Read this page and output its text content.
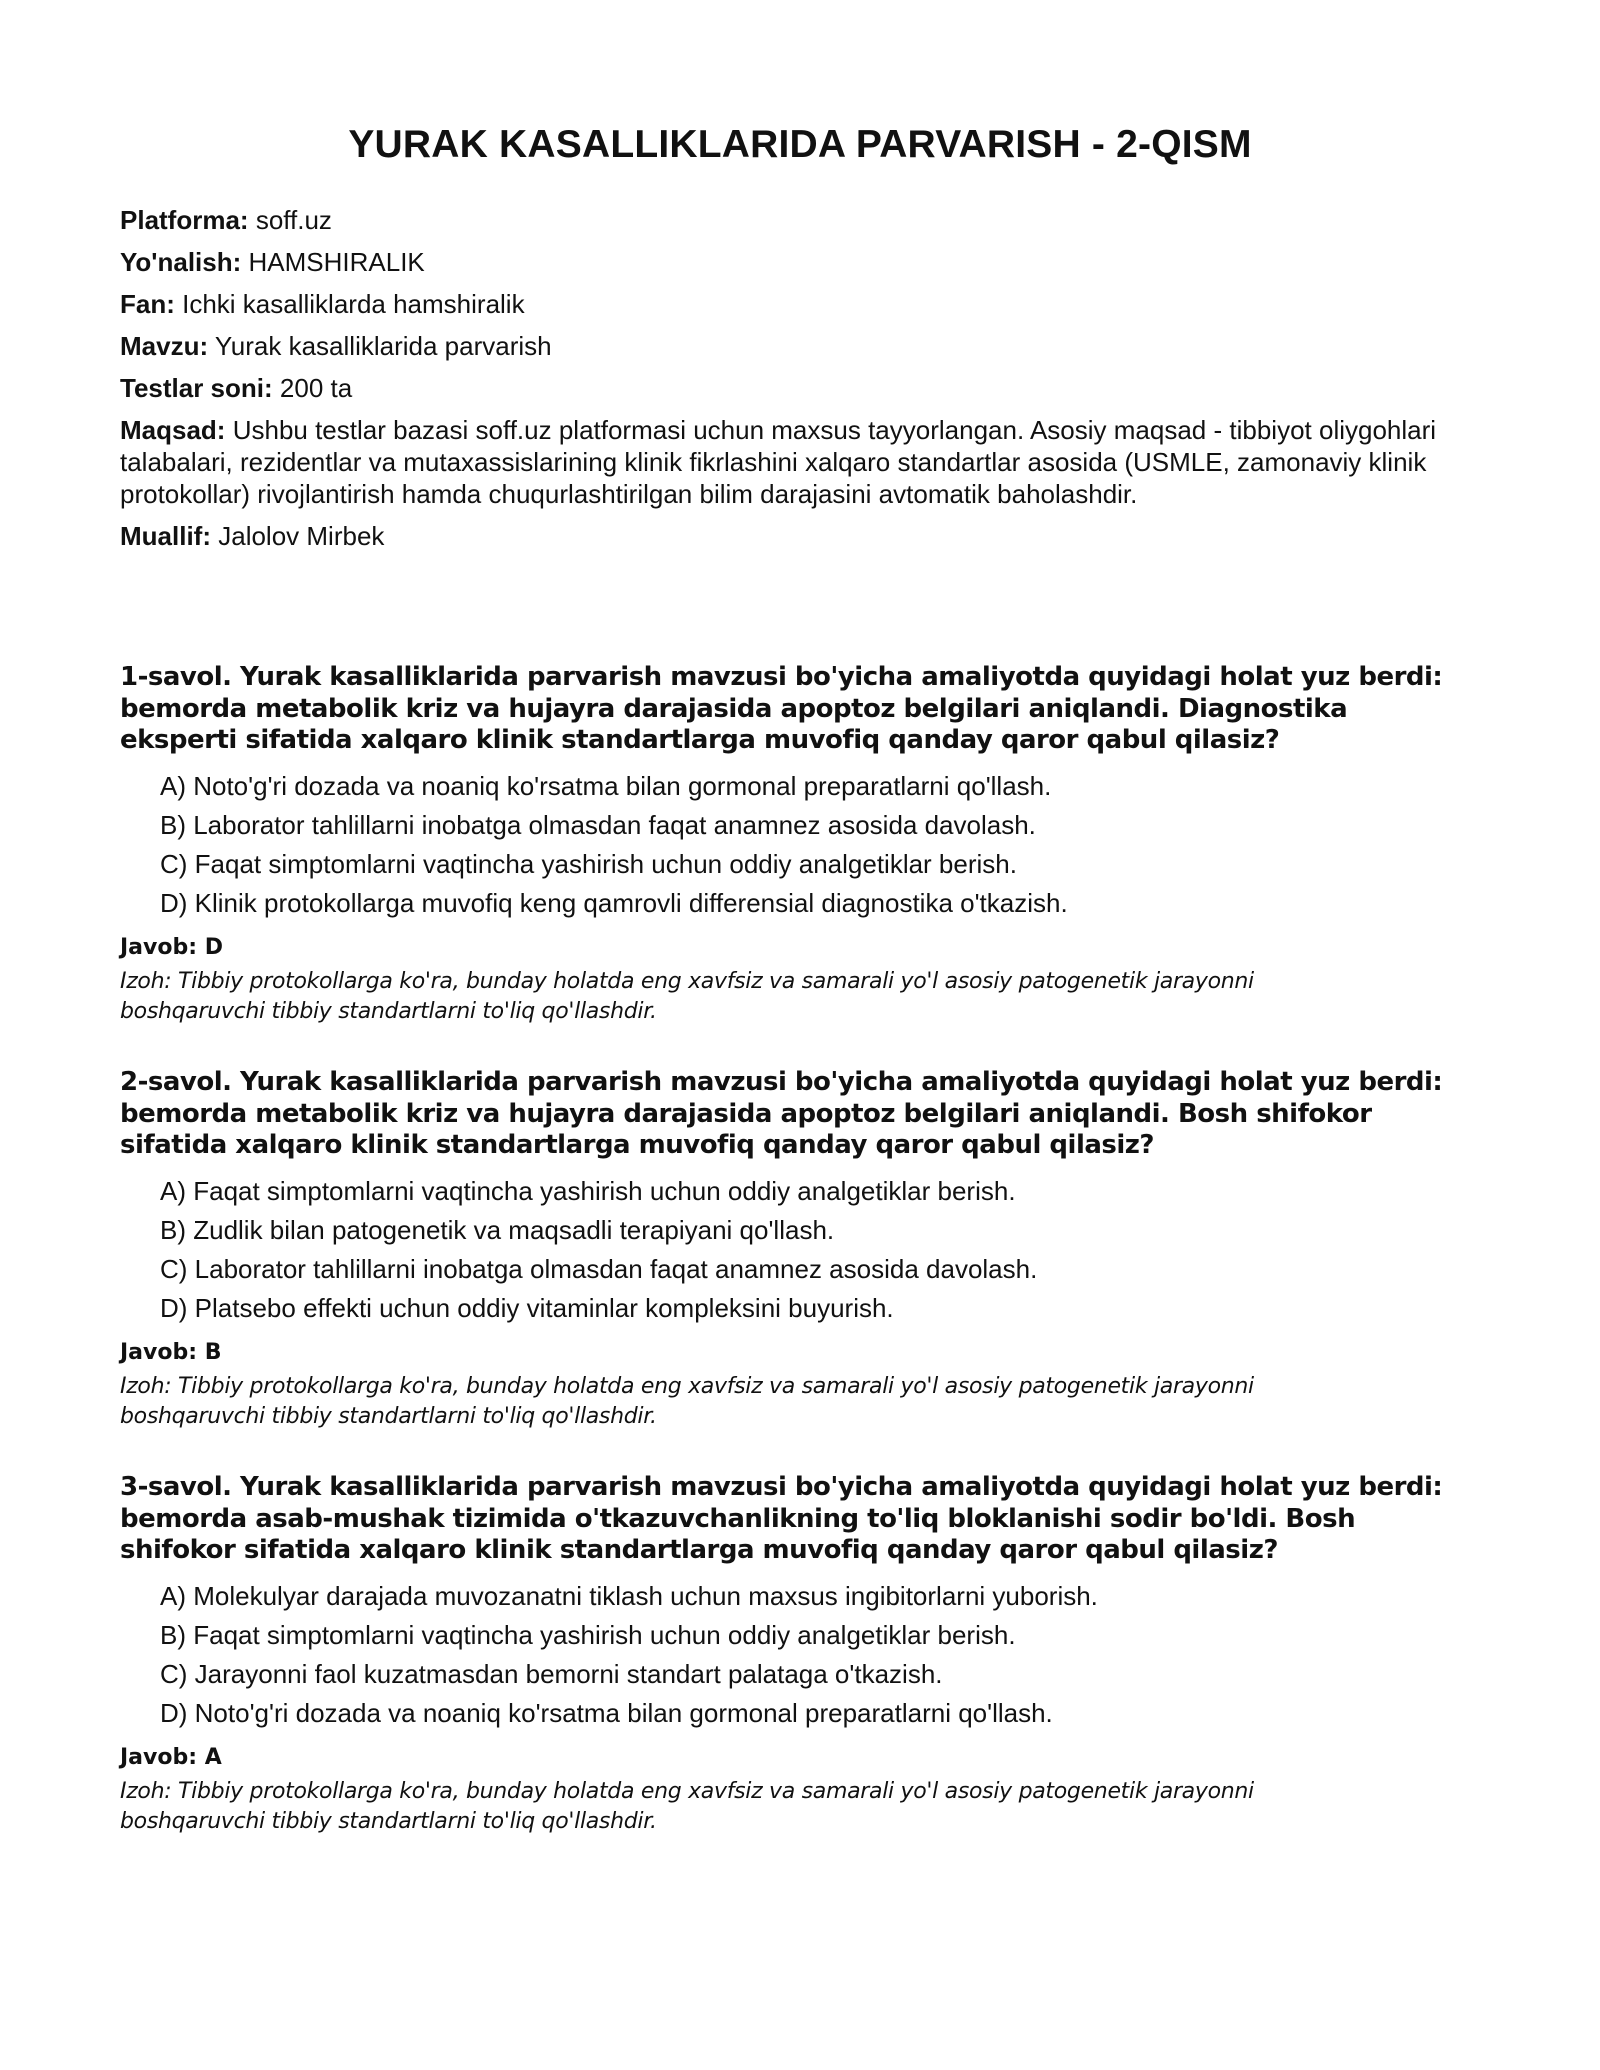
YURAK KASALLIKLARIDA PARVARISH - 2-QISM
Platforma: soff.uz
Yo'nalish: HAMSHIRALIK
Fan: Ichki kasalliklarda hamshiralik
Mavzu: Yurak kasalliklarida parvarish
Testlar soni: 200 ta
Maqsad: Ushbu testlar bazasi soff.uz platformasi uchun maxsus tayyorlangan. Asosiy maqsad - tibbiyot oliygohlari talabalari, rezidentlar va mutaxassislarining klinik fikrlashini xalqaro standartlar asosida (USMLE, zamonaviy klinik protokollar) rivojlantirish hamda chuqurlashtirilgan bilim darajasini avtomatik baholashdir.
Muallif: Jalolov Mirbek
1-savol. Yurak kasalliklarida parvarish mavzusi bo'yicha amaliyotda quyidagi holat yuz berdi: bemorda metabolik kriz va hujayra darajasida apoptoz belgilari aniqlandi. Diagnostika eksperti sifatida xalqaro klinik standartlarga muvofiq qanday qaror qabul qilasiz?
A) Noto'g'ri dozada va noaniq ko'rsatma bilan gormonal preparatlarni qo'llash.
B) Laborator tahlillarni inobatga olmasdan faqat anamnez asosida davolash.
C) Faqat simptomlarni vaqtincha yashirish uchun oddiy analgetiklar berish.
D) Klinik protokollarga muvofiq keng qamrovli differensial diagnostika o'tkazish.
Javob: D
Izoh: Tibbiy protokollarga ko'ra, bunday holatda eng xavfsiz va samarali yo'l asosiy patogenetik jarayonni boshqaruvchi tibbiy standartlarni to'liq qo'llashdir.
2-savol. Yurak kasalliklarida parvarish mavzusi bo'yicha amaliyotda quyidagi holat yuz berdi: bemorda metabolik kriz va hujayra darajasida apoptoz belgilari aniqlandi. Bosh shifokor sifatida xalqaro klinik standartlarga muvofiq qanday qaror qabul qilasiz?
A) Faqat simptomlarni vaqtincha yashirish uchun oddiy analgetiklar berish.
B) Zudlik bilan patogenetik va maqsadli terapiyani qo'llash.
C) Laborator tahlillarni inobatga olmasdan faqat anamnez asosida davolash.
D) Platsebo effekti uchun oddiy vitaminlar kompleksini buyurish.
Javob: B
Izoh: Tibbiy protokollarga ko'ra, bunday holatda eng xavfsiz va samarali yo'l asosiy patogenetik jarayonni boshqaruvchi tibbiy standartlarni to'liq qo'llashdir.
3-savol. Yurak kasalliklarida parvarish mavzusi bo'yicha amaliyotda quyidagi holat yuz berdi: bemorda asab-mushak tizimida o'tkazuvchanlikning to'liq bloklanishi sodir bo'ldi. Bosh shifokor sifatida xalqaro klinik standartlarga muvofiq qanday qaror qabul qilasiz?
A) Molekulyar darajada muvozanatni tiklash uchun maxsus ingibitorlarni yuborish.
B) Faqat simptomlarni vaqtincha yashirish uchun oddiy analgetiklar berish.
C) Jarayonni faol kuzatmasdan bemorni standart palataga o'tkazish.
D) Noto'g'ri dozada va noaniq ko'rsatma bilan gormonal preparatlarni qo'llash.
Javob: A
Izoh: Tibbiy protokollarga ko'ra, bunday holatda eng xavfsiz va samarali yo'l asosiy patogenetik jarayonni boshqaruvchi tibbiy standartlarni to'liq qo'llashdir.
